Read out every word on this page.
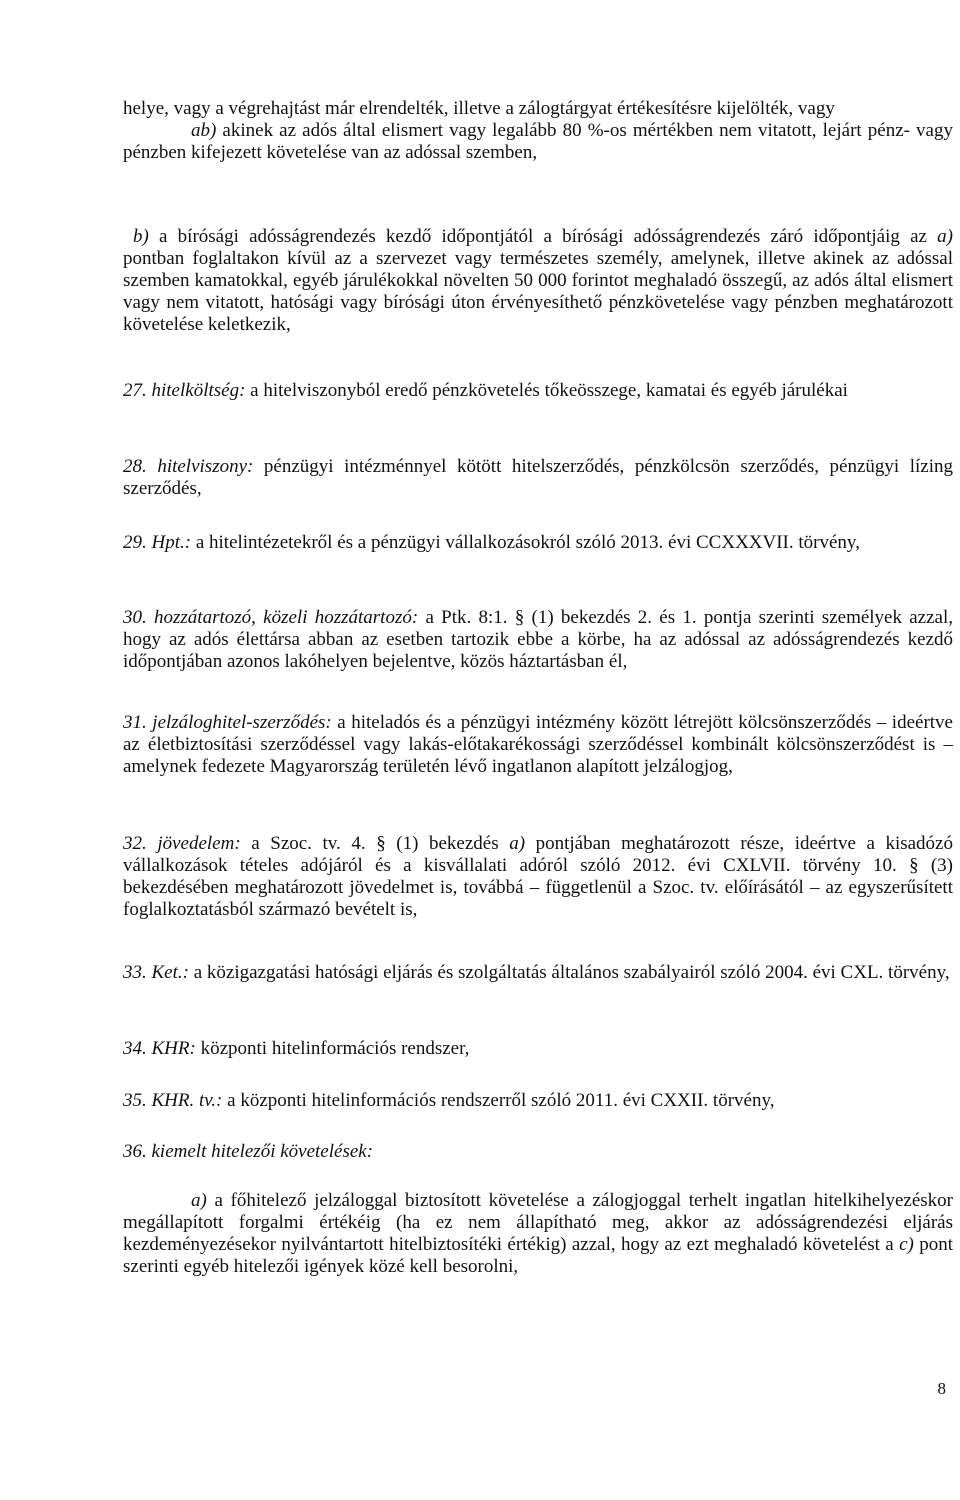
helye, vagy a végrehajtást már elrendelték, illetve a zálogtárgyat értékesítésre kijelölték, vagy

ab) akinek az adós által elismert vagy legalább 80 %-os mértékben nem vitatott, lejárt pénz- vagy pénzben kifejezett követelése van az adóssal szemben,

b) a bírósági adósságrendezés kezdő időpontjától a bírósági adósságrendezés záró időpontjáig az a) pontban foglaltakon kívül az a szervezet vagy természetes személy, amelynek, illetve akinek az adóssal szemben kamatokkal, egyéb járulékokkal növelten 50 000 forintot meghaladó összegű, az adós által elismert vagy nem vitatott, hatósági vagy bírósági úton érvényesíthető pénzkövetelése vagy pénzben meghatározott követelése keletkezik,

27. hitelköltség: a hitelviszonyból eredő pénzkövetelés tőkeösszege, kamatai és egyéb járulékai

28. hitelviszony: pénzügyi intézménnyel kötött hitelszerződés, pénzkölcsön szerződés, pénzügyi lízing szerződés,

29. Hpt.: a hitelintézetekről és a pénzügyi vállalkozásokról szóló 2013. évi CCXXXVII. törvény,

30. hozzátartozó, közeli hozzátartozó: a Ptk. 8:1. § (1) bekezdés 2. és 1. pontja szerinti személyek azzal, hogy az adós élettársa abban az esetben tartozik ebbe a körbe, ha az adóssal az adósságrendezés kezdő időpontjában azonos lakóhelyen bejelentve, közös háztartásban él,

31. jelzáloghitel-szerződés: a hiteladós és a pénzügyi intézmény között létrejött kölcsönszerződés – ideértve az életbiztosítási szerződéssel vagy lakás-előtakarékossági szerződéssel kombinált kölcsönszerződést is – amelynek fedezete Magyarország területén lévő ingatlanon alapított jelzálogjog,

32. jövedelem: a Szoc. tv. 4. § (1) bekezdés a) pontjában meghatározott része, ideértve a kisadózó vállalkozások tételes adójáról és a kisvállalati adóról szóló 2012. évi CXLVII. törvény 10. § (3) bekezdésében meghatározott jövedelmet is, továbbá – függetlenül a Szoc. tv. előírásától – az egyszerűsített foglalkoztatásból származó bevételt is,

33. Ket.: a közigazgatási hatósági eljárás és szolgáltatás általános szabályairól szóló 2004. évi CXL. törvény,

34. KHR: központi hitelinformációs rendszer,

35. KHR. tv.: a központi hitelinformációs rendszerről szóló 2011. évi CXXII. törvény,

36. kiemelt hitelezői követelések:

a) a főhitelező jelzáloggal biztosított követelése a zálogjoggal terhelt ingatlan hitelkihelyezéskor megállapított forgalmi értékéig (ha ez nem állapítható meg, akkor az adósságrendezési eljárás kezdeményezésekor nyilvántartott hitelbiztosítéki értékig) azzal, hogy az ezt meghaladó követelést a c) pont szerinti egyéb hitelezői igények közé kell besorolni,

8
